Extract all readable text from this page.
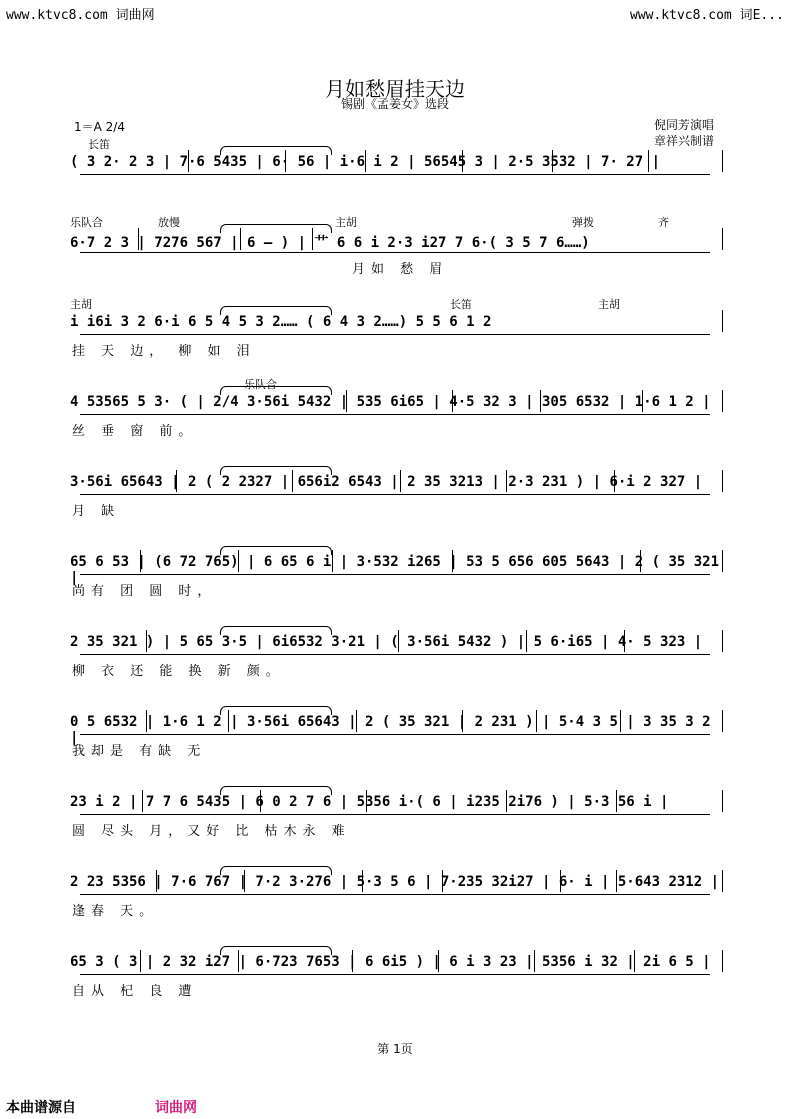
www.ktvc8.com 词曲网	www.ktvc8.com 词E...
月如愁眉挂天边
锡剧《孟姜女》选段
倪同芳演唱
章祥兴制谱
1＝A 2/4
长笛
( 3 2· 2 3 | 7·6 5435 | 6· 56 | i·6 i 2 | 56545 3 | 2·5 3532 | 7· 27 |
乐队合	放慢	主胡	弹拨	齐
6·7 2 3 | 7276 567 | 6 — ) | 艹 6 6 i 2·3 i27 7 6·( 3 5 7 6……)
月如 愁 眉
主胡	长笛	主胡
i i6i 3 2 6·i 6 5 4 5 3 2…… ( 6 4 3 2……) 5 5 6 1 2
挂 天 边， 柳 如 泪
乐队合
4 53565 5 3· ( | 2/4 3·56i 5432 | 535 6i65 | 4·5 32 3 | 305 6532 | 1·6 1 2 |
丝 垂 窗 前。
3·56i 65643 | 2 ( 2 2327 | 656i2 6543 | 2 35 3213 | 2·3 231 ) | 6·i 2 327 |
月 缺
65 6 53 | (6 72 765) | 6 65 6 i | 3·532 i265 | 53 5 656 605 5643 | 2 ( 35 321 |
尚有 团 圆 时，
2 35 321 ) | 5 65 3·5 | 6i6532 3·21 | ( 3·56i 5432 ) | 5 6·i65 | 4· 5 323 |
柳 衣 还 能 换 新 颜。
0 5 6532 | 1·6 1 2 | 3·56i 65643 | 2 ( 35 321 | 2 231 ) | 5·4 3 5 | 3 35 3 2 |
我却是 有缺 无
23 i 2 | 7 7 6 5435 | 6 0 2 7 6 | 5356 i·( 6 | i235 2i76 ) | 5·3 56 i |
圆 尽头 月，又好 比 枯木永 难
2 23 5356 | 7·6 767 | 7·2 3·276 | 5·3 5 6 | 7·235 32i27 | 6· i | 5·643 2312 |
逢春 天。
65 3 ( 3 | 2 32 i27 | 6·723 7653 | 6 6i5 ) | 6 i 3 23 | 5356 i 32 | 2i 6 5 |
自从 杞 良 遭
第 1页
本曲谱源自	词曲网
